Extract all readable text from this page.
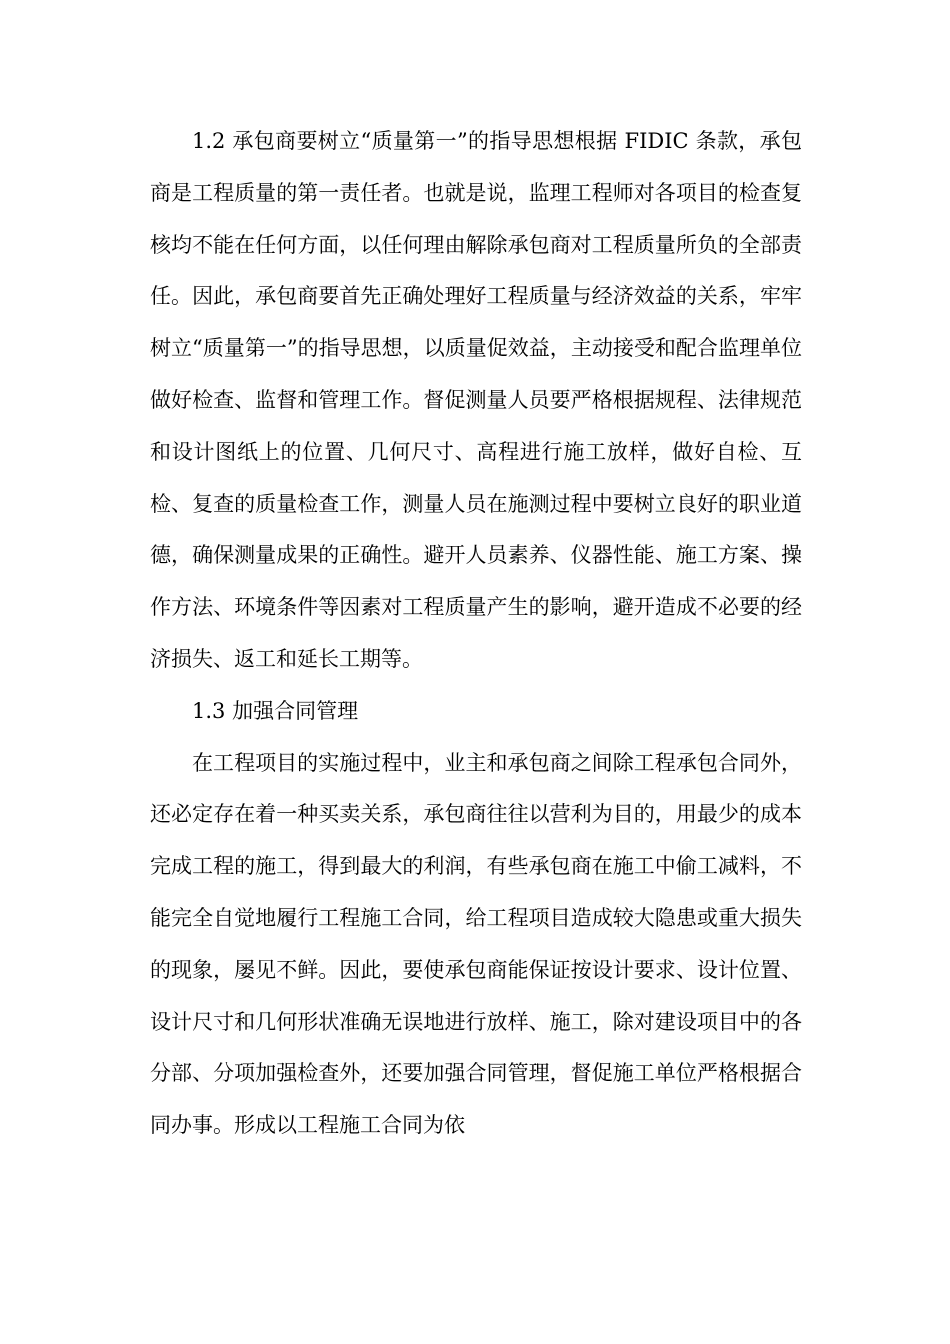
1.2 承包商要树立“质量第一”的指导思想根据 FIDIC 条款，承包商是工程质量的第一责任者。也就是说，监理工程师对各项目的检查复核均不能在任何方面，以任何理由解除承包商对工程质量所负的全部责任。因此，承包商要首先正确处理好工程质量与经济效益的关系，牢牢树立“质量第一”的指导思想，以质量促效益，主动接受和配合监理单位做好检查、监督和管理工作。督促测量人员要严格根据规程、法律规范和设计图纸上的位置、几何尺寸、高程进行施工放样，做好自检、互检、复查的质量检查工作，测量人员在施测过程中要树立良好的职业道德，确保测量成果的正确性。避开人员素养、仪器性能、施工方案、操作方法、环境条件等因素对工程质量产生的影响，避开造成不必要的经济损失、返工和延长工期等。

1.3 加强合同管理

在工程项目的实施过程中，业主和承包商之间除工程承包合同外，还必定存在着一种买卖关系，承包商往往以营利为目的，用最少的成本完成工程的施工，得到最大的利润，有些承包商在施工中偷工减料，不能完全自觉地履行工程施工合同，给工程项目造成较大隐患或重大损失的现象，屡见不鲜。因此，要使承包商能保证按设计要求、设计位置、设计尺寸和几何形状准确无误地进行放样、施工，除对建设项目中的各分部、分项加强检查外，还要加强合同管理，督促施工单位严格根据合同办事。形成以工程施工合同为依
